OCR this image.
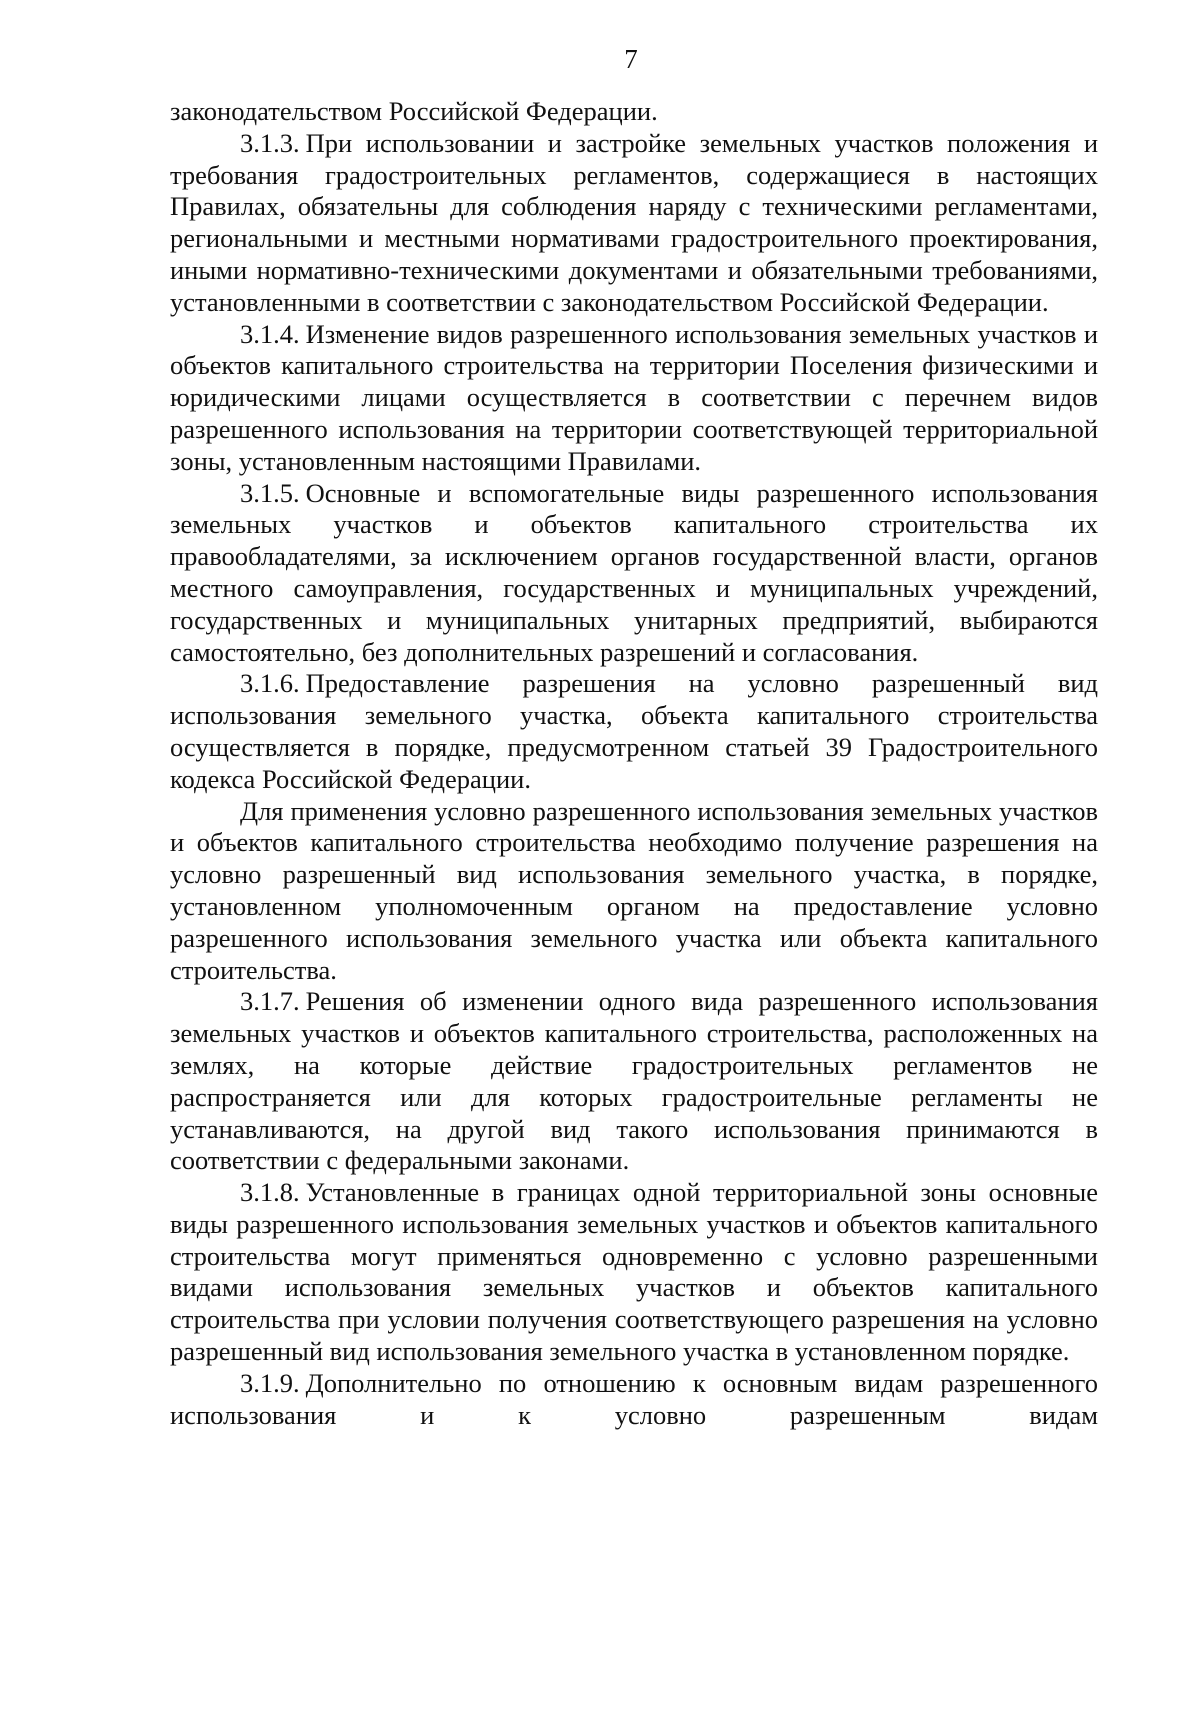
7

законодательством Российской Федерации.

3.1.3. При использовании и застройке земельных участков положения и требования градостроительных регламентов, содержащиеся в настоящих Правилах, обязательны для соблюдения наряду с техническими регламентами, региональными и местными нормативами градостроительного проектирования, иными нормативно-техническими документами и обязательными требованиями, установленными в соответствии с законодательством Российской Федерации.

3.1.4. Изменение видов разрешенного использования земельных участков и объектов капитального строительства на территории Поселения физическими и юридическими лицами осуществляется в соответствии с перечнем видов разрешенного использования на территории соответствующей территориальной зоны, установленным настоящими Правилами.

3.1.5. Основные и вспомогательные виды разрешенного использования земельных участков и объектов капитального строительства их правообладателями, за исключением органов государственной власти, органов местного самоуправления, государственных и муниципальных учреждений, государственных и муниципальных унитарных предприятий, выбираются самостоятельно, без дополнительных разрешений и согласования.

3.1.6. Предоставление разрешения на условно разрешенный вид использования земельного участка, объекта капитального строительства осуществляется в порядке, предусмотренном статьей 39 Градостроительного кодекса Российской Федерации.

Для применения условно разрешенного использования земельных участков и объектов капитального строительства необходимо получение разрешения на условно разрешенный вид использования земельного участка, в порядке, установленном уполномоченным органом на предоставление условно разрешенного использования земельного участка или объекта капитального строительства.

3.1.7. Решения об изменении одного вида разрешенного использования земельных участков и объектов капитального строительства, расположенных на землях, на которые действие градостроительных регламентов не распространяется или для которых градостроительные регламенты не устанавливаются, на другой вид такого использования принимаются в соответствии с федеральными законами.

3.1.8. Установленные в границах одной территориальной зоны основные виды разрешенного использования земельных участков и объектов капитального строительства могут применяться одновременно с условно разрешенными видами использования земельных участков и объектов капитального строительства при условии получения соответствующего разрешения на условно разрешенный вид использования земельного участка в установленном порядке.

3.1.9. Дополнительно по отношению к основным видам разрешенного использования и к условно разрешенным видам
